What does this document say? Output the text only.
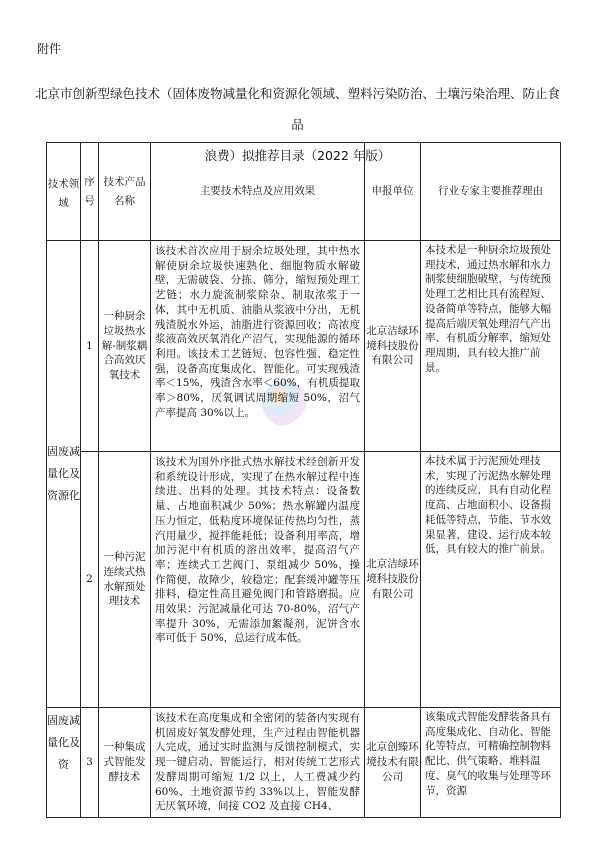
附件
北京市创新型绿色技术（固体废物减量化和资源化领域、塑料污染防治、土壤污染治理、防止食品
浪费）拟推荐目录（2022 年版）
技术领域	序号	技术产品名称	主要技术特点及应用效果	申报单位	行业专家主要推荐理由
固废减量化及资源化	1	一种厨余垃圾热水解-制浆耦合高效厌氧技术	该技术首次应用于厨余垃圾处理，其中热水解使厨余垃圾快速熟化、细胞物质水解破壁，无需破袋、分拣、筛分，缩短预处理工艺链；水力旋流制浆除杂、制取浓浆于一体，其中无机质、油脂从浆液中分出，无机残渣脱水外运，油脂进行资源回收；高浓度浆液高效厌氧消化产沼气，实现能源的循环利用。该技术工艺链短、包容性强、稳定性强，设备高度集成化、智能化。可实现残渣率＜15%，残渣含水率＜60%，有机质提取率＞80%，厌氧调试周期缩短 50%，沼气产率提高 30%以上。	北京洁绿环境科技股份有限公司	本技术是一种厨余垃圾预处理技术，通过热水解和水力制浆使细胞破壁，与传统预处理工艺相比具有流程短、设备简单等特点，能够大幅提高后端厌氧处理沼气产出率、有机质分解率，缩短处理周期，具有较大推广前景。
	2	一种污泥连续式热水解预处理技术	该技术为国外序批式热水解技术经创新开发和系统设计形成，实现了在热水解过程中连续进、出料的处理。其技术特点：设备数量、占地面积减少 50%；热水解罐内温度压力恒定，低粘度环境保证传热均匀性，蒸汽用量少，搅拌能耗低；设备利用率高，增加污泥中有机质的溶出效率，提高沼气产率；连续式工艺阀门、泵组减少 50%，操作简便，故障少，较稳定；配套缓冲罐等压排料，稳定性高且避免阀门和管路磨损。应用效果：污泥减量化可达 70-80%，沼气产率提升 30%，无需添加絮凝剂，泥饼含水率可低于 50%，总运行成本低。	北京洁绿环境科技股份有限公司	本技术属于污泥预处理技术，实现了污泥热水解处理的连续反应，具有自动化程度高、占地面积小、设备损耗低等特点，节能、节水效果显著，建设、运行成本较低，具有较大的推广前景。
固废减量化及资	3	一种集成式智能发酵技术	该技术在高度集成和全密闭的装备内实现有机固废好氧发酵处理，生产过程由智能机器人完成，通过实时监测与反馈控制模式，实现一键启动、智能运行，相对传统工艺形式发酵周期可缩短 1/2 以上，人工费减少约 60%、土地资源节约 33%以上，智能发酵无厌氧环境，间接 CO2 及直接 CH4、	北京创臻环境技术有限公司	该集成式智能发酵装备具有高度集成化、自动化、智能化等特点，可精确控制物料配比、供气策略、堆料温度、臭气的收集与处理等环节，资源
